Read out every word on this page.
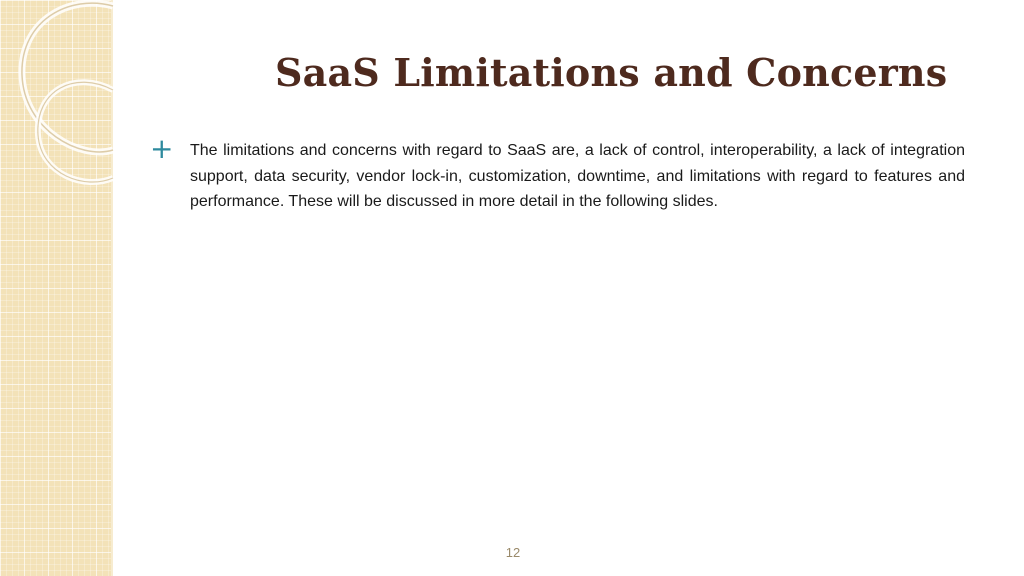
SaaS Limitations and Concerns
+	The limitations and concerns with regard to SaaS are, a lack of control, interoperability, a lack of integration support, data security, vendor lock-in, customization, downtime, and limitations with regard to features and performance. These will be discussed in more detail in the following slides.
12
